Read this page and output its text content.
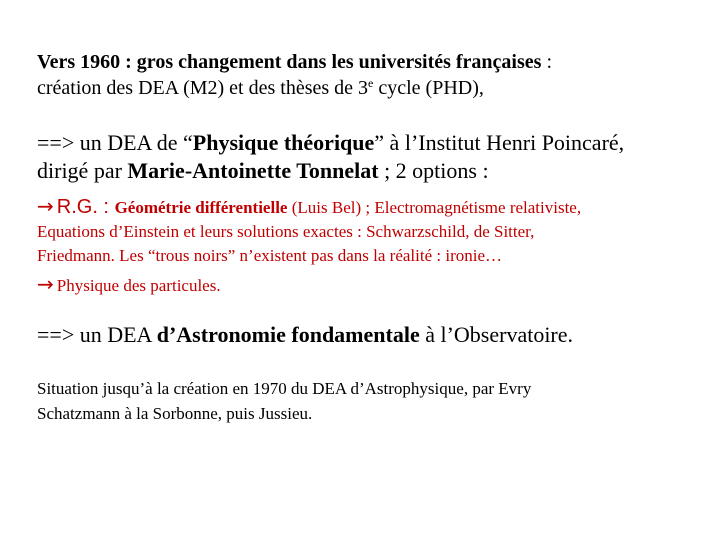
Vers 1960 : gros changement dans les universités françaises :
création des DEA (M2) et des thèses de 3e cycle (PHD),
==> un DEA de “Physique théorique” à l’Institut Henri Poincaré,
dirigé par Marie-Antoinette Tonnelat ; 2 options :
→ R.G. : Géométrie différentielle (Luis Bel) ; Electromagnétisme relativiste,
Equations d’Einstein et leurs solutions exactes : Schwarzschild, de Sitter,
Friedmann. Les “trous noirs” n’existent pas dans la réalité : ironie…
→ Physique des particules.
==> un DEA d’Astronomie fondamentale à l’Observatoire.
Situation jusqu’à la création en 1970 du DEA d’Astrophysique, par Evry
Schatzmann à la Sorbonne, puis Jussieu.
